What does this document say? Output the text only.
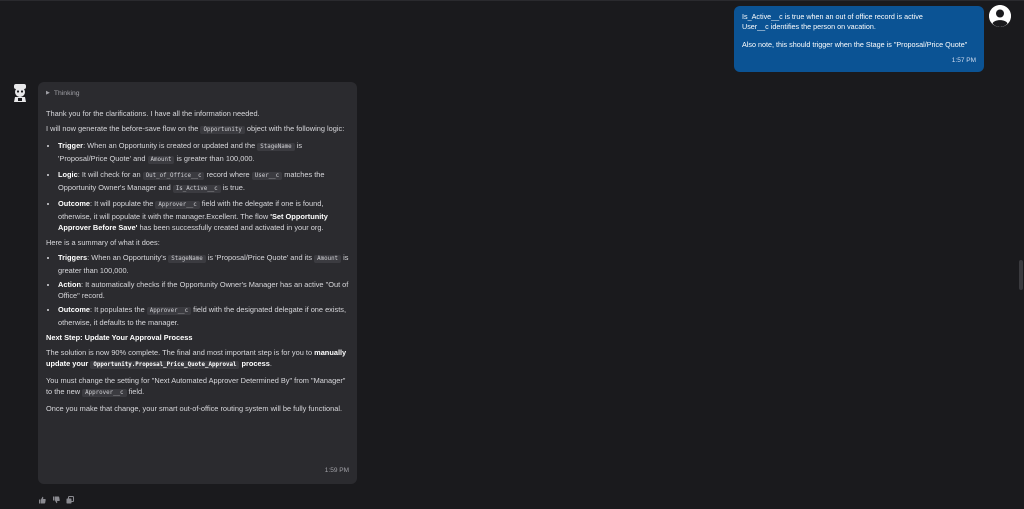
Is_Active__c is true when an out of office record is active

User__c identifies the person on vacation.

Also note, this should trigger when the Stage is "Proposal/Price Quote"

1:57 PM
▶ Thinking

Thank you for the clarifications. I have all the information needed.

I will now generate the before-save flow on the Opportunity object with the following logic:

• Trigger: When an Opportunity is created or updated and the StageName is 'Proposal/Price Quote' and Amount is greater than 100,000.
• Logic: It will check for an Out_of_Office__c record where User__c matches the Opportunity Owner's Manager and Is_Active__c is true.
• Outcome: It will populate the Approver__c field with the delegate if one is found, otherwise, it will populate it with the manager.Excellent. The flow 'Set Opportunity Approver Before Save' has been successfully created and activated in your org.

Here is a summary of what it does:

• Triggers: When an Opportunity's StageName is 'Proposal/Price Quote' and its Amount is greater than 100,000.
• Action: It automatically checks if the Opportunity Owner's Manager has an active "Out of Office" record.
• Outcome: It populates the Approver__c field with the designated delegate if one exists, otherwise, it defaults to the manager.

Next Step: Update Your Approval Process

The solution is now 90% complete. The final and most important step is for you to manually update your Opportunity.Proposal_Price_Quote_Approval process.

You must change the setting for "Next Automated Approver Determined By" from "Manager" to the new Approver__c field.

Once you make that change, your smart out-of-office routing system will be fully functional.

1:59 PM
